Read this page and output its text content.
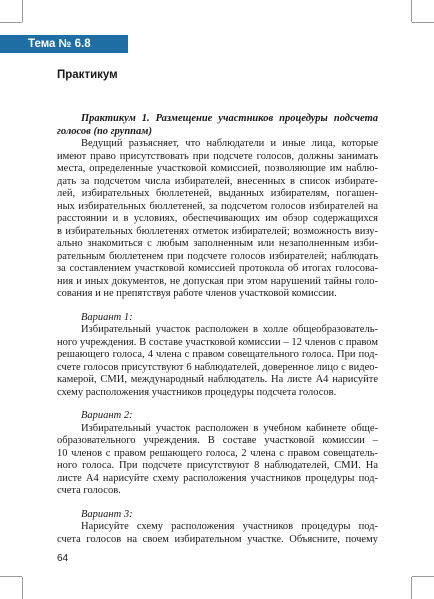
Тема № 6.8
Практикум
Практикум 1. Размещение участников процедуры подсчета
голосов (по группам)
Ведущий разъясняет, что наблюдатели и иные лица, которые
имеют право присутствовать при подсчете голосов, должны занимать
места, определенные участковой комиссией, позволяющие им наблю-
дать за подсчетом числа избирателей, внесенных в список избирате-
лей, избирательных бюллетеней, выданных избирателям, погашен-
ных избирательных бюллетеней, за подсчетом голосов избирателей на
расстоянии и в условиях, обеспечивающих им обзор содержащихся
в избирательных бюллетенях отметок избирателей; возможность визу-
ально знакомиться с любым заполненным или незаполненным изби-
рательным бюллетенем при подсчете голосов избирателей; наблюдать
за составлением участковой комиссией протокола об итогах голосова-
ния и иных документов, не допуская при этом нарушений тайны голо-
сования и не препятствуя работе членов участковой комиссии.
Вариант 1:
Избирательный участок расположен в холле общеобразователь-
ного учреждения. В составе участковой комиссии – 12 членов с правом
решающего голоса, 4 члена с правом совещательного голоса. При под-
счете голосов присутствуют 6 наблюдателей, доверенное лицо с видео-
камерой, СМИ, международный наблюдатель. На листе А4 нарисуйте
схему расположения участников процедуры подсчета голосов.
Вариант 2:
Избирательный участок расположен в учебном кабинете обще-
образовательного учреждения. В составе участковой комиссии –
10 членов с правом решающего голоса, 2 члена с правом совещатель-
ного голоса. При подсчете присутствуют 8 наблюдателей, СМИ. На
листе А4 нарисуйте схему расположения участников процедуры под-
счета голосов.
Вариант 3:
Нарисуйте схему расположения участников процедуры под-
счета голосов на своем избирательном участке. Объясните, почему
64
